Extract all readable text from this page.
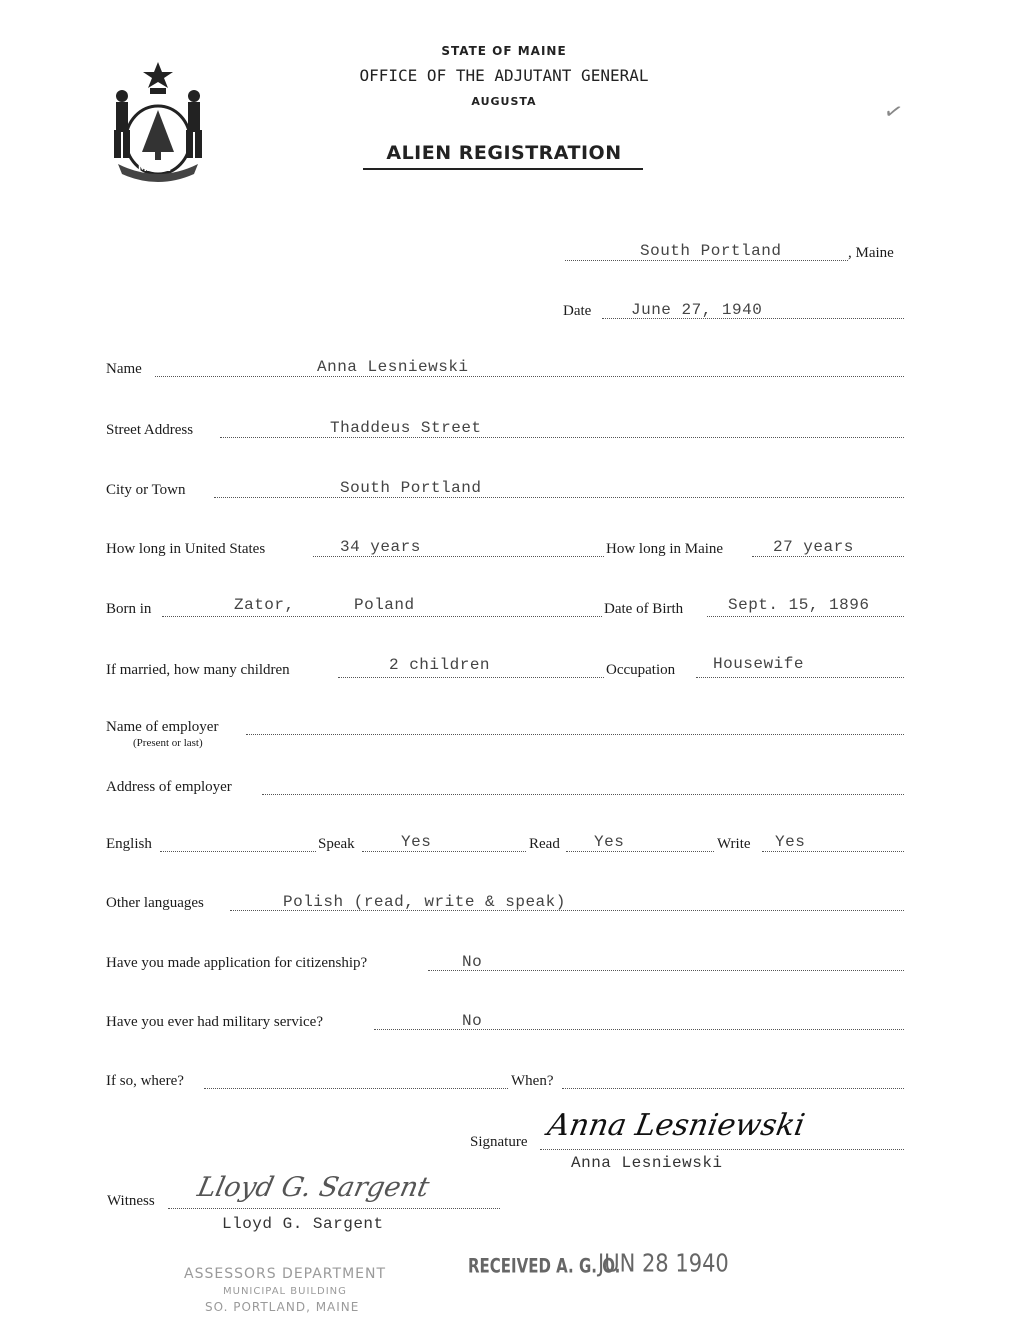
MAINE
STATE OF MAINE
OFFICE OF THE ADJUTANT GENERAL
AUGUSTA
ALIEN REGISTRATION
✓
South Portland	, Maine
Date June 27, 1940
Name	Anna Lesniewski
Street Address	Thaddeus Street
City or Town	South Portland
How long in United States	34 years	How long in Maine	27 years
Born in	Zator,	Poland	Date of Birth	Sept. 15, 1896
If married, how many children	2 children	Occupation Housewife
Name of employer
(Present or last)
Address of employer
English	Speak	Yes	Read Yes	Write Yes
Other languages	Polish (read, write & speak)
Have you made application for citizenship?	No
Have you ever had military service?	No
If so, where?	When?
Signature Anna Lesniewski
Anna Lesniewski
Witness Lloyd G. Sargent
Lloyd G. Sargent
ASSESSORS DEPARTMENT
MUNICIPAL BUILDING
SO. PORTLAND, MAINE
RECEIVED A. G. O.
JUN 28 1940
